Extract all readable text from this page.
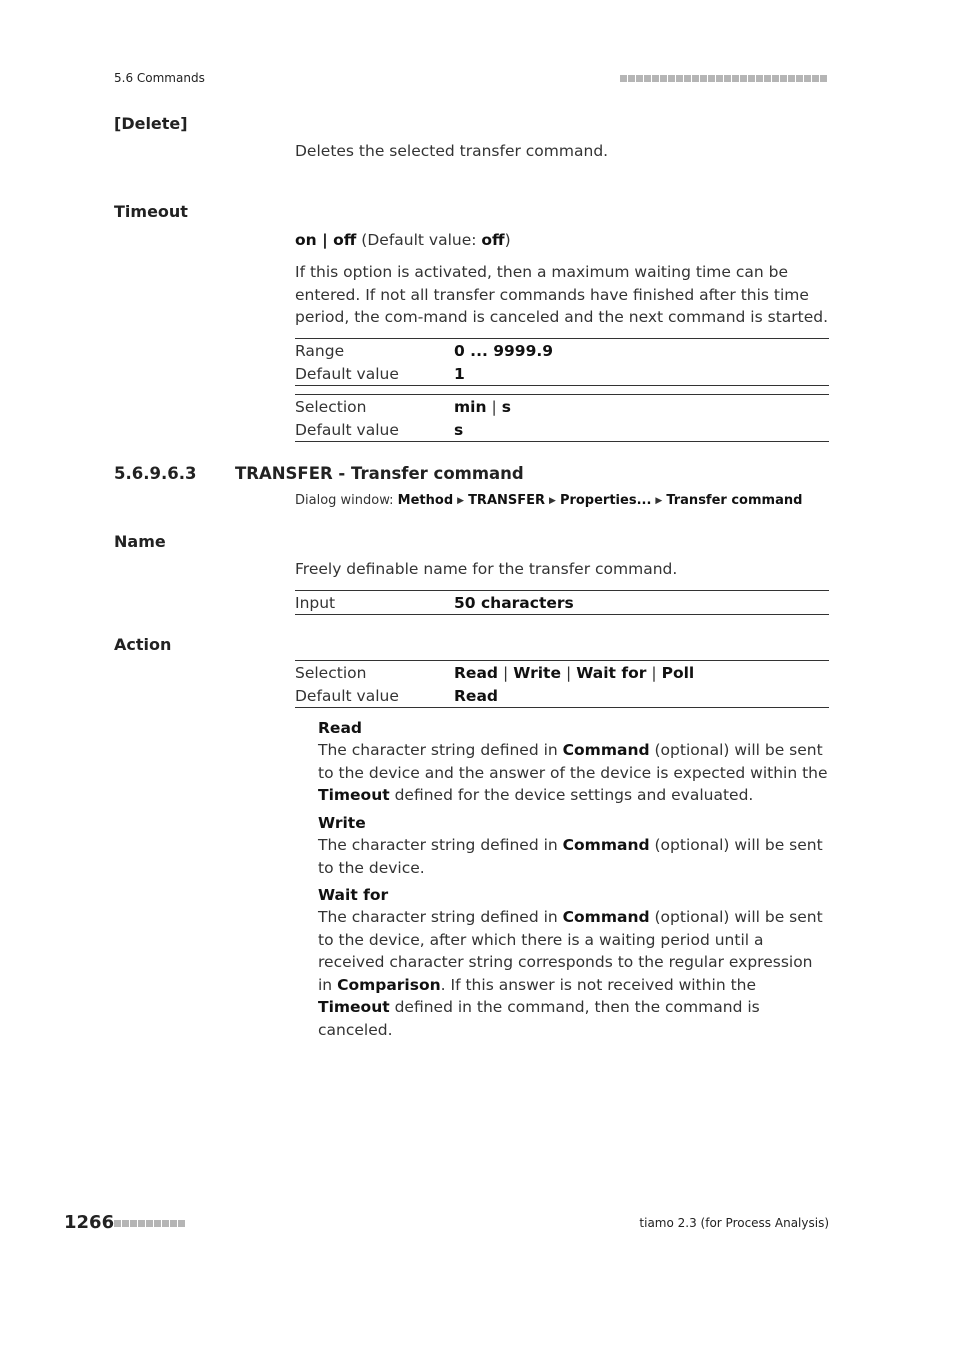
5.6 Commands
[Delete]
Deletes the selected transfer command.
Timeout
on | off (Default value: off)
If this option is activated, then a maximum waiting time can be entered. If not all transfer commands have finished after this time period, the com-mand is canceled and the next command is started.
Range	0 ... 9999.9
Default value	1
Selection	min | s
Default value	s
5.6.9.6.3 TRANSFER - Transfer command
Dialog window: Method ▶ TRANSFER ▶ Properties... ▶ Transfer command
Name
Freely definable name for the transfer command.
Input	50 characters
Action
Selection	Read | Write | Wait for | Poll
Default value	Read
Read
The character string defined in Command (optional) will be sent to the device and the answer of the device is expected within the Timeout defined for the device settings and evaluated.
Write
The character string defined in Command (optional) will be sent to the device.
Wait for
The character string defined in Command (optional) will be sent to the device, after which there is a waiting period until a received character string corresponds to the regular expression in Comparison. If this answer is not received within the Timeout defined in the command, then the command is canceled.
1266	tiamo 2.3 (for Process Analysis)
